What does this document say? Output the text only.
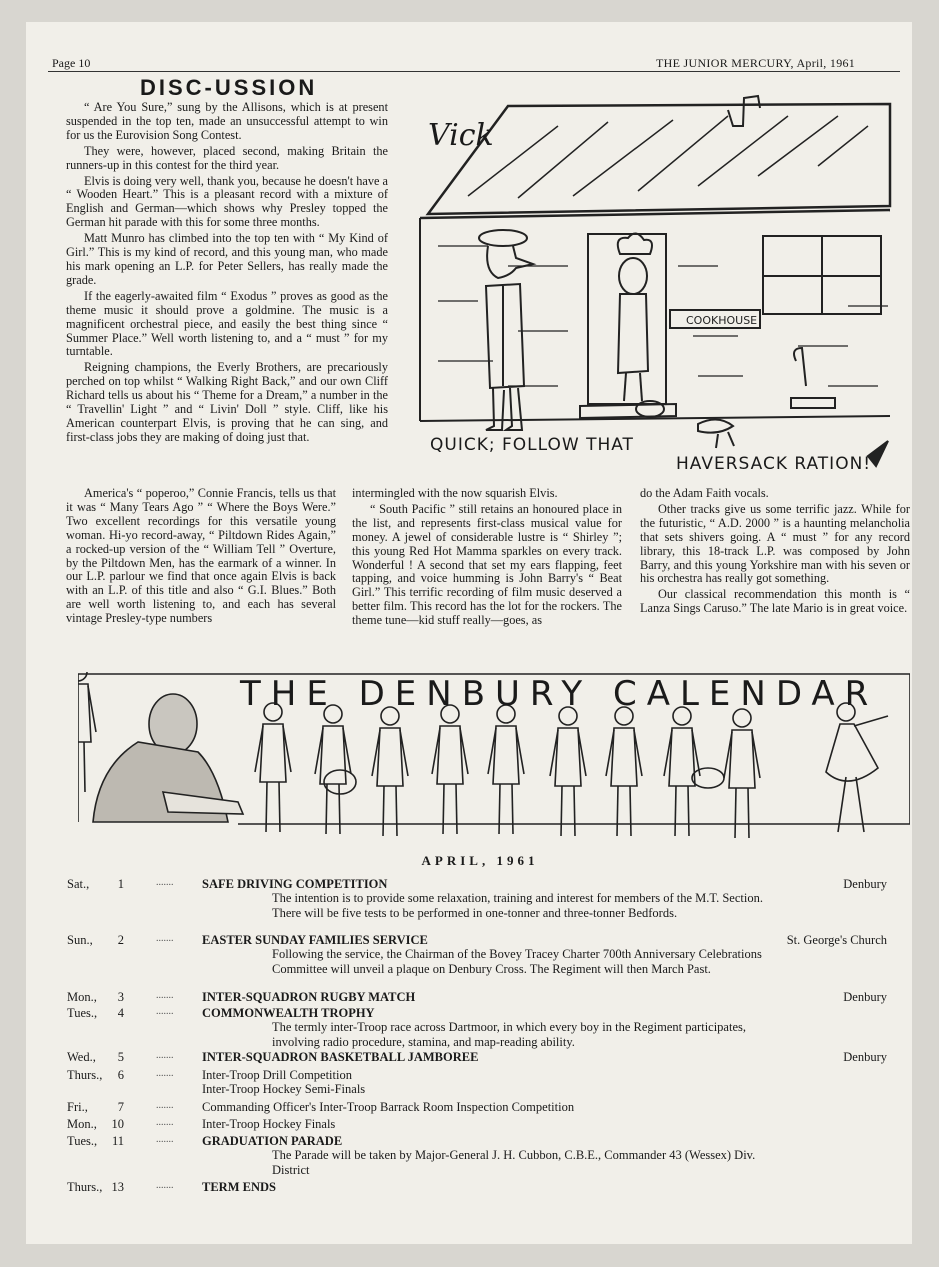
Page 10	THE JUNIOR MERCURY, April, 1961
DISC-USSION

“ Are You Sure,” sung by the Allisons, which is at present suspended in the top ten, made an unsuccessful attempt to win for us the Eurovision Song Contest.

They were, however, placed second, making Britain the runners-up in this contest for the third year.

Elvis is doing very well, thank you, because he doesn't have a “ Wooden Heart.” This is a pleasant record with a mixture of English and German—which shows why Presley topped the German hit parade with this for some three months.

Matt Munro has climbed into the top ten with “ My Kind of Girl.” This is my kind of record, and this young man, who made his mark opening an L.P. for Peter Sellers, has really made the grade.

If the eagerly-awaited film “ Exodus ” proves as good as the theme music it should prove a goldmine. The music is a magnificent orchestral piece, and easily the best thing since “ Summer Place.” Well worth listening to, and a “ must ” for my turntable.

Reigning champions, the Everly Brothers, are precariously perched on top whilst “ Walking Right Back,” and our own Cliff Richard tells us about his “ Theme for a Dream,” a number in the “ Travellin' Light ” and “ Livin' Doll ” style. Cliff, like his American counterpart Elvis, is proving that he can sing, and first-class jobs they are making of doing just that.

COOKHOUSE
Vick
QUICK; FOLLOW THAT
HAVERSACK RATION!

America's “ poperoo,” Connie Francis, tells us that it was “ Many Tears Ago ” “ Where the Boys Were.” Two excellent recordings for this versatile young woman. Hi-yo record-away, “ Piltdown Rides Again,” a rocked-up version of the “ William Tell ” Overture, by the Piltdown Men, has the earmark of a winner. In our L.P. parlour we find that once again Elvis is back with an L.P. of this title and also “ G.I. Blues.” Both are well worth listening to, and each has several vintage Presley-type numbers

intermingled with the now squarish Elvis.

“ South Pacific ” still retains an honoured place in the list, and represents first-class musical value for money. A jewel of considerable lustre is “ Shirley ”; this young Red Hot Mamma sparkles on every track. Wonderful ! A second that set my ears flapping, feet tapping, and voice humming is John Barry's “ Beat Girl.” This terrific recording of film music deserved a better film. This record has the lot for the rockers. The theme tune—kid stuff really—goes, as

do the Adam Faith vocals.

Other tracks give us some terrific jazz. While for the futuristic, “ A.D. 2000 ” is a haunting melancholia that sets shivers going. A “ must ” for any record library, this 18-track L.P. was composed by John Barry, and this young Yorkshire man with his seven or his orchestra has really got something.

Our classical recommendation this month is “ Lanza Sings Caruso.” The late Mario is in great voice.

THE DENBURY CALENDAR
APRIL, 1961
Sat.,	1	....... SAFE DRIVING COMPETITION	Denbury
The intention is to provide some relaxation, training and interest for members of the M.T. Section. There will be five tests to be performed in one-tonner and three-tonner Bedfords.
Sun.,	2	....... EASTER SUNDAY FAMILIES SERVICE	St. George's Church
Following the service, the Chairman of the Bovey Tracey Charter 700th Anniversary Celebrations Committee will unveil a plaque on Denbury Cross. The Regiment will then March Past.
Mon.,	3	....... INTER-SQUADRON RUGBY MATCH	Denbury
Tues.,	4	....... COMMONWEALTH TROPHY
The termly inter-Troop race across Dartmoor, in which every boy in the Regiment participates, involving radio procedure, stamina, and map-reading ability.
Wed.,	5	....... INTER-SQUADRON BASKETBALL JAMBOREE	Denbury
Thurs.,	6	....... Inter-Troop Drill Competition
Inter-Troop Hockey Semi-Finals
Fri.,	7	....... Commanding Officer's Inter-Troop Barrack Room Inspection Competition
Mon.,	10	....... Inter-Troop Hockey Finals
Tues.,	11	....... GRADUATION PARADE
The Parade will be taken by Major-General J. H. Cubbon, C.B.E., Commander 43 (Wessex) Div. District
Thurs., 13	....... TERM ENDS
